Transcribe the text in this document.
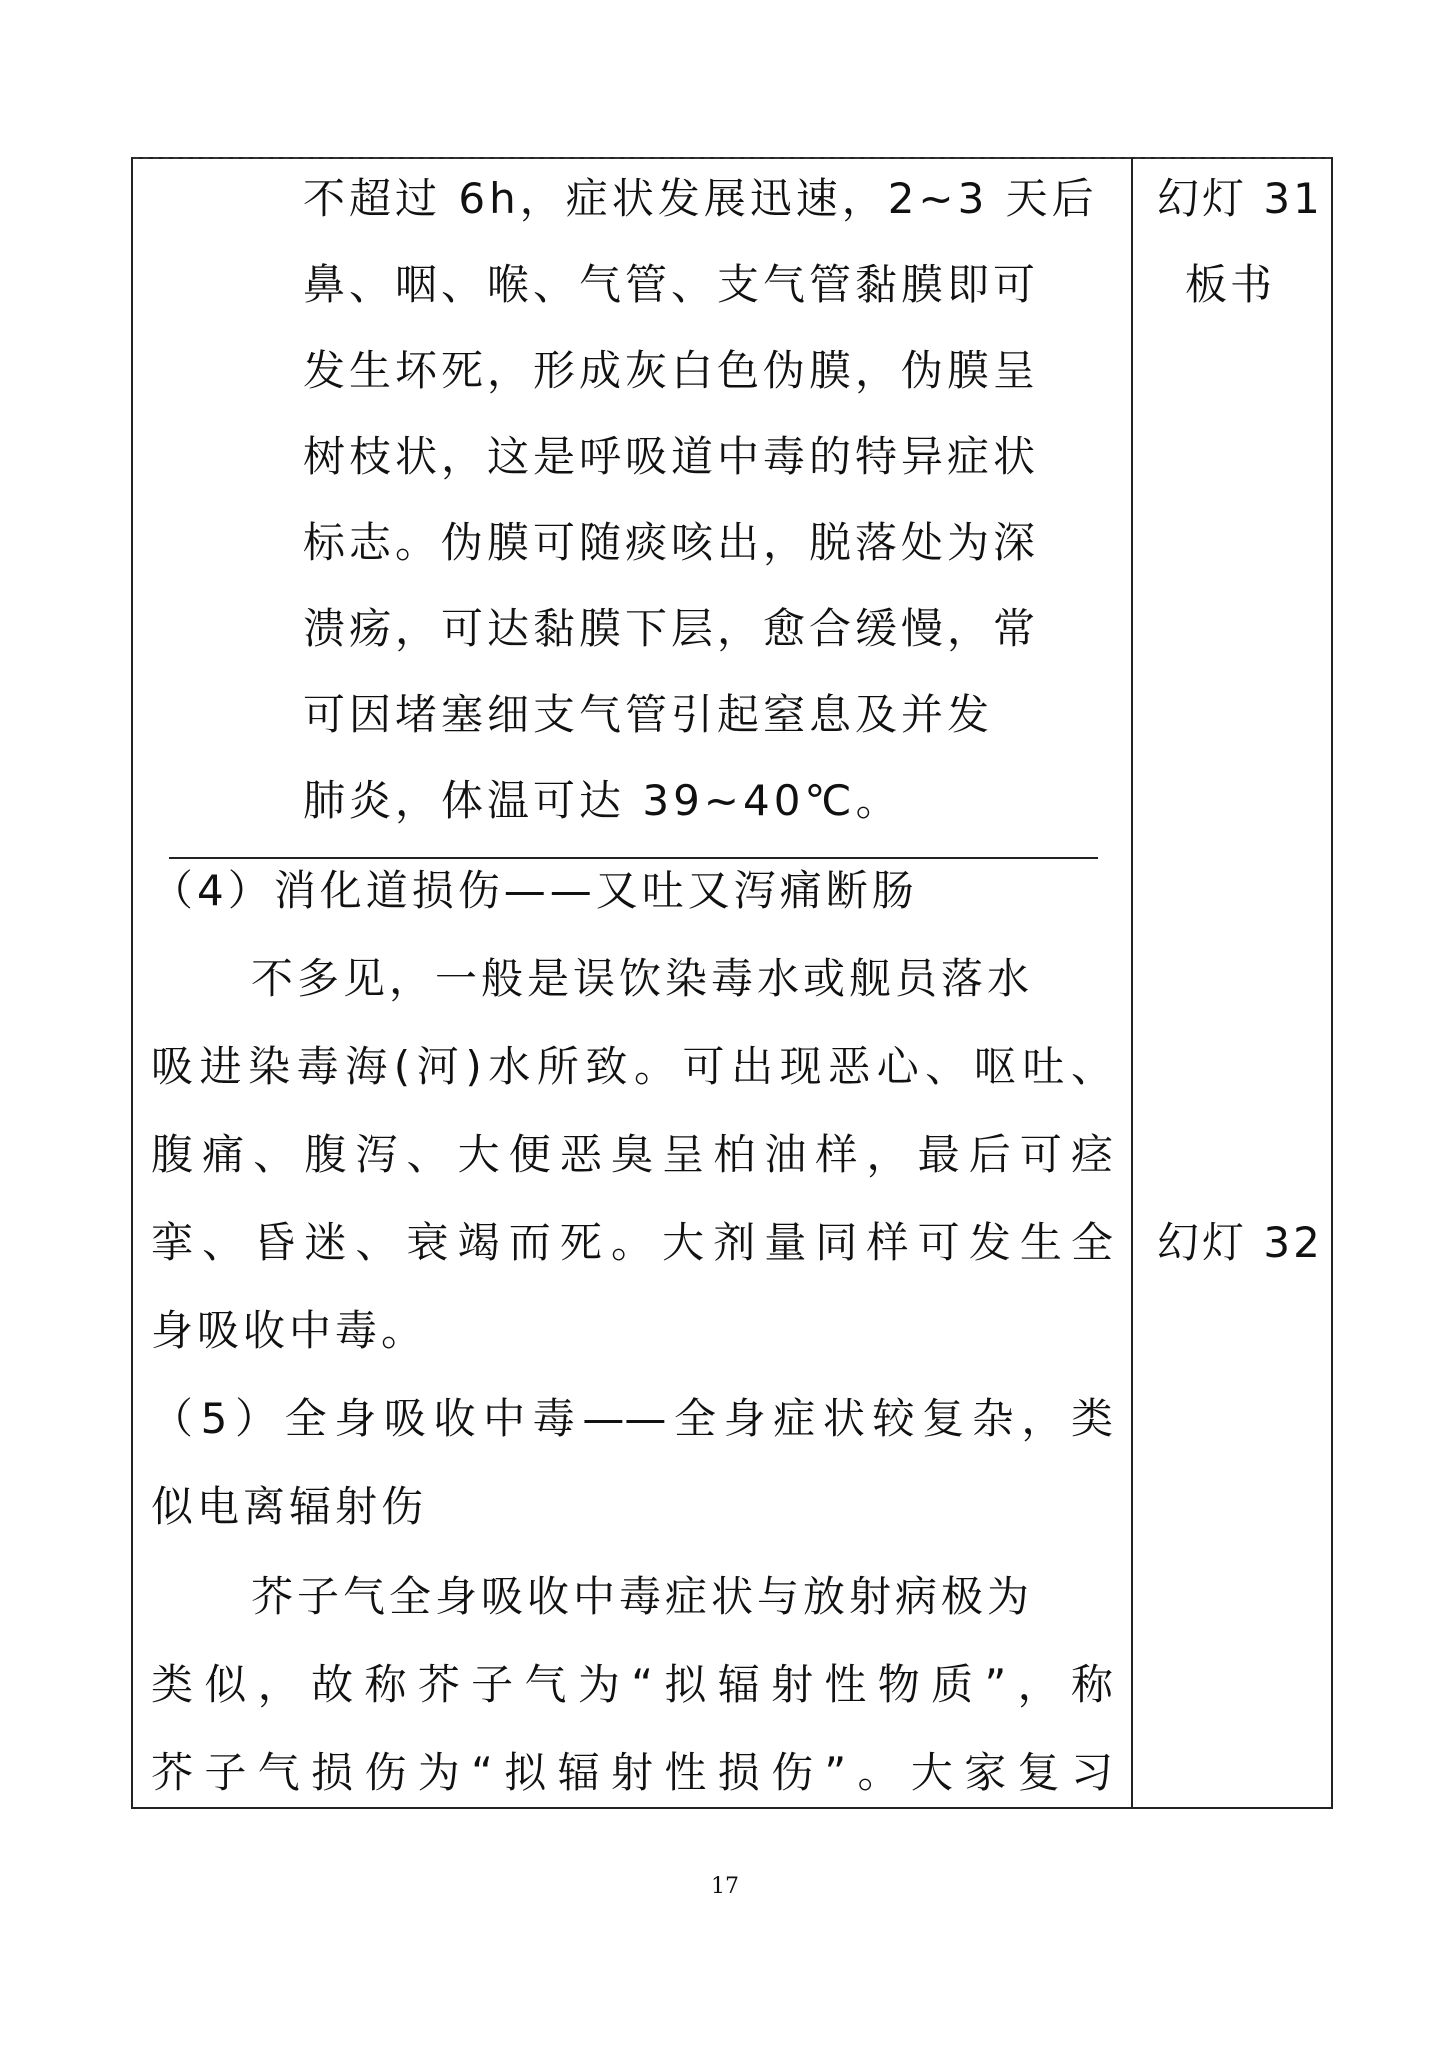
不超过 6h，症状发展迅速，2~3 天后
鼻、咽、喉、气管、支气管黏膜即可
发生坏死，形成灰白色伪膜，伪膜呈
树枝状，这是呼吸道中毒的特异症状
标志。伪膜可随痰咳出，脱落处为深
溃疡，可达黏膜下层，愈合缓慢，常
可因堵塞细支气管引起窒息及并发
肺炎，体温可达 39~40℃。
（4）消化道损伤——又吐又泻痛断肠
不多见，一般是误饮染毒水或舰员落水
吸进染毒海(河)水所致。可出现恶心、呕吐、
腹痛、腹泻、大便恶臭呈柏油样，最后可痉
挛、昏迷、衰竭而死。大剂量同样可发生全
身吸收中毒。
（5）全身吸收中毒——全身症状较复杂，类
似电离辐射伤
芥子气全身吸收中毒症状与放射病极为
类似，故称芥子气为“拟辐射性物质”，称
芥子气损伤为“拟辐射性损伤”。大家复习
幻灯 31
板书
幻灯 32
17
